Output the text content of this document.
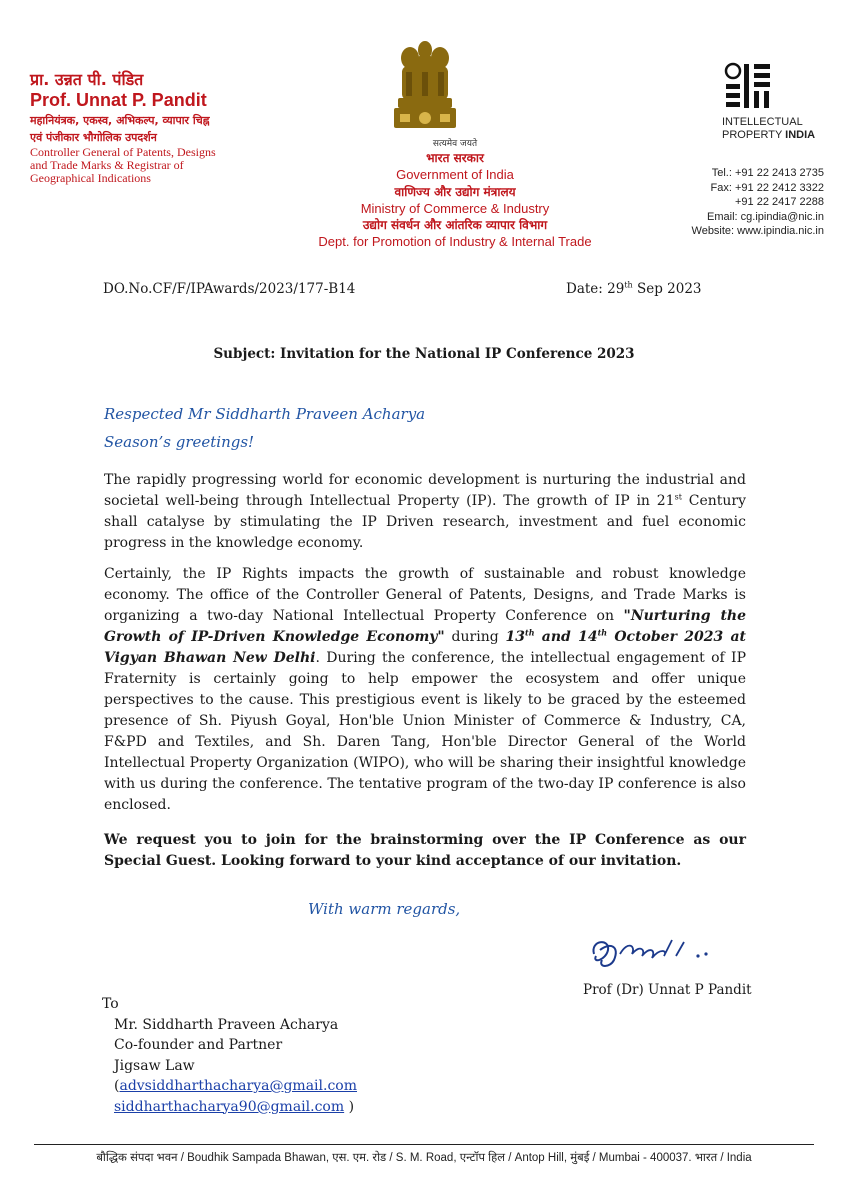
प्रा. उन्नत पी. पंडित
Prof. Unnat P. Pandit
महानियंत्रक, एकस्व, अभिकल्प, व्यापार चिह्न
एवं पंजीकार भौगोलिक उपदर्शन
Controller General of Patents, Designs
and Trade Marks & Registrar of
Geographical Indications
सत्यमेव जयते
भारत सरकार
Government of India
वाणिज्य और उद्योग मंत्रालय
Ministry of Commerce & Industry
उद्योग संवर्धन और आंतरिक व्यापार विभाग
Dept. for Promotion of Industry & Internal Trade
INTELLECTUAL
PROPERTY INDIA
Tel.: +91 22 2413 2735
Fax: +91 22 2412 3322
+91 22 2417 2288
Email: cg.ipindia@nic.in
Website: www.ipindia.nic.in
DO.No.CF/F/IPAwards/2023/177-B14	Date: 29th Sep 2023
Subject: Invitation for the National IP Conference 2023
Respected Mr Siddharth Praveen Acharya
Season’s greetings!
The rapidly progressing world for economic development is nurturing the industrial and societal well-being through Intellectual Property (IP). The growth of IP in 21st Century shall catalyse by stimulating the IP Driven research, investment and fuel economic progress in the knowledge economy.
Certainly, the IP Rights impacts the growth of sustainable and robust knowledge economy. The office of the Controller General of Patents, Designs, and Trade Marks is organizing a two-day National Intellectual Property Conference on "Nurturing the Growth of IP-Driven Knowledge Economy" during 13th and 14th October 2023 at Vigyan Bhawan New Delhi. During the conference, the intellectual engagement of IP Fraternity is certainly going to help empower the ecosystem and offer unique perspectives to the cause. This prestigious event is likely to be graced by the esteemed presence of Sh. Piyush Goyal, Hon'ble Union Minister of Commerce & Industry, CA, F&PD and Textiles, and Sh. Daren Tang, Hon'ble Director General of the World Intellectual Property Organization (WIPO), who will be sharing their insightful knowledge with us during the conference. The tentative program of the two-day IP conference is also enclosed.
We request you to join for the brainstorming over the IP Conference as our Special Guest. Looking forward to your kind acceptance of our invitation.
With warm regards,
Prof (Dr) Unnat P Pandit
To
Mr. Siddharth Praveen Acharya
Co-founder and Partner
Jigsaw Law
(advsiddharthacharya@gmail.com
siddharthacharya90@gmail.com )
बौद्धिक संपदा भवन / Boudhik Sampada Bhawan, एस. एम. रोड / S. M. Road, एन्टॉप हिल / Antop Hill, मुंबई / Mumbai - 400037. भारत / India
